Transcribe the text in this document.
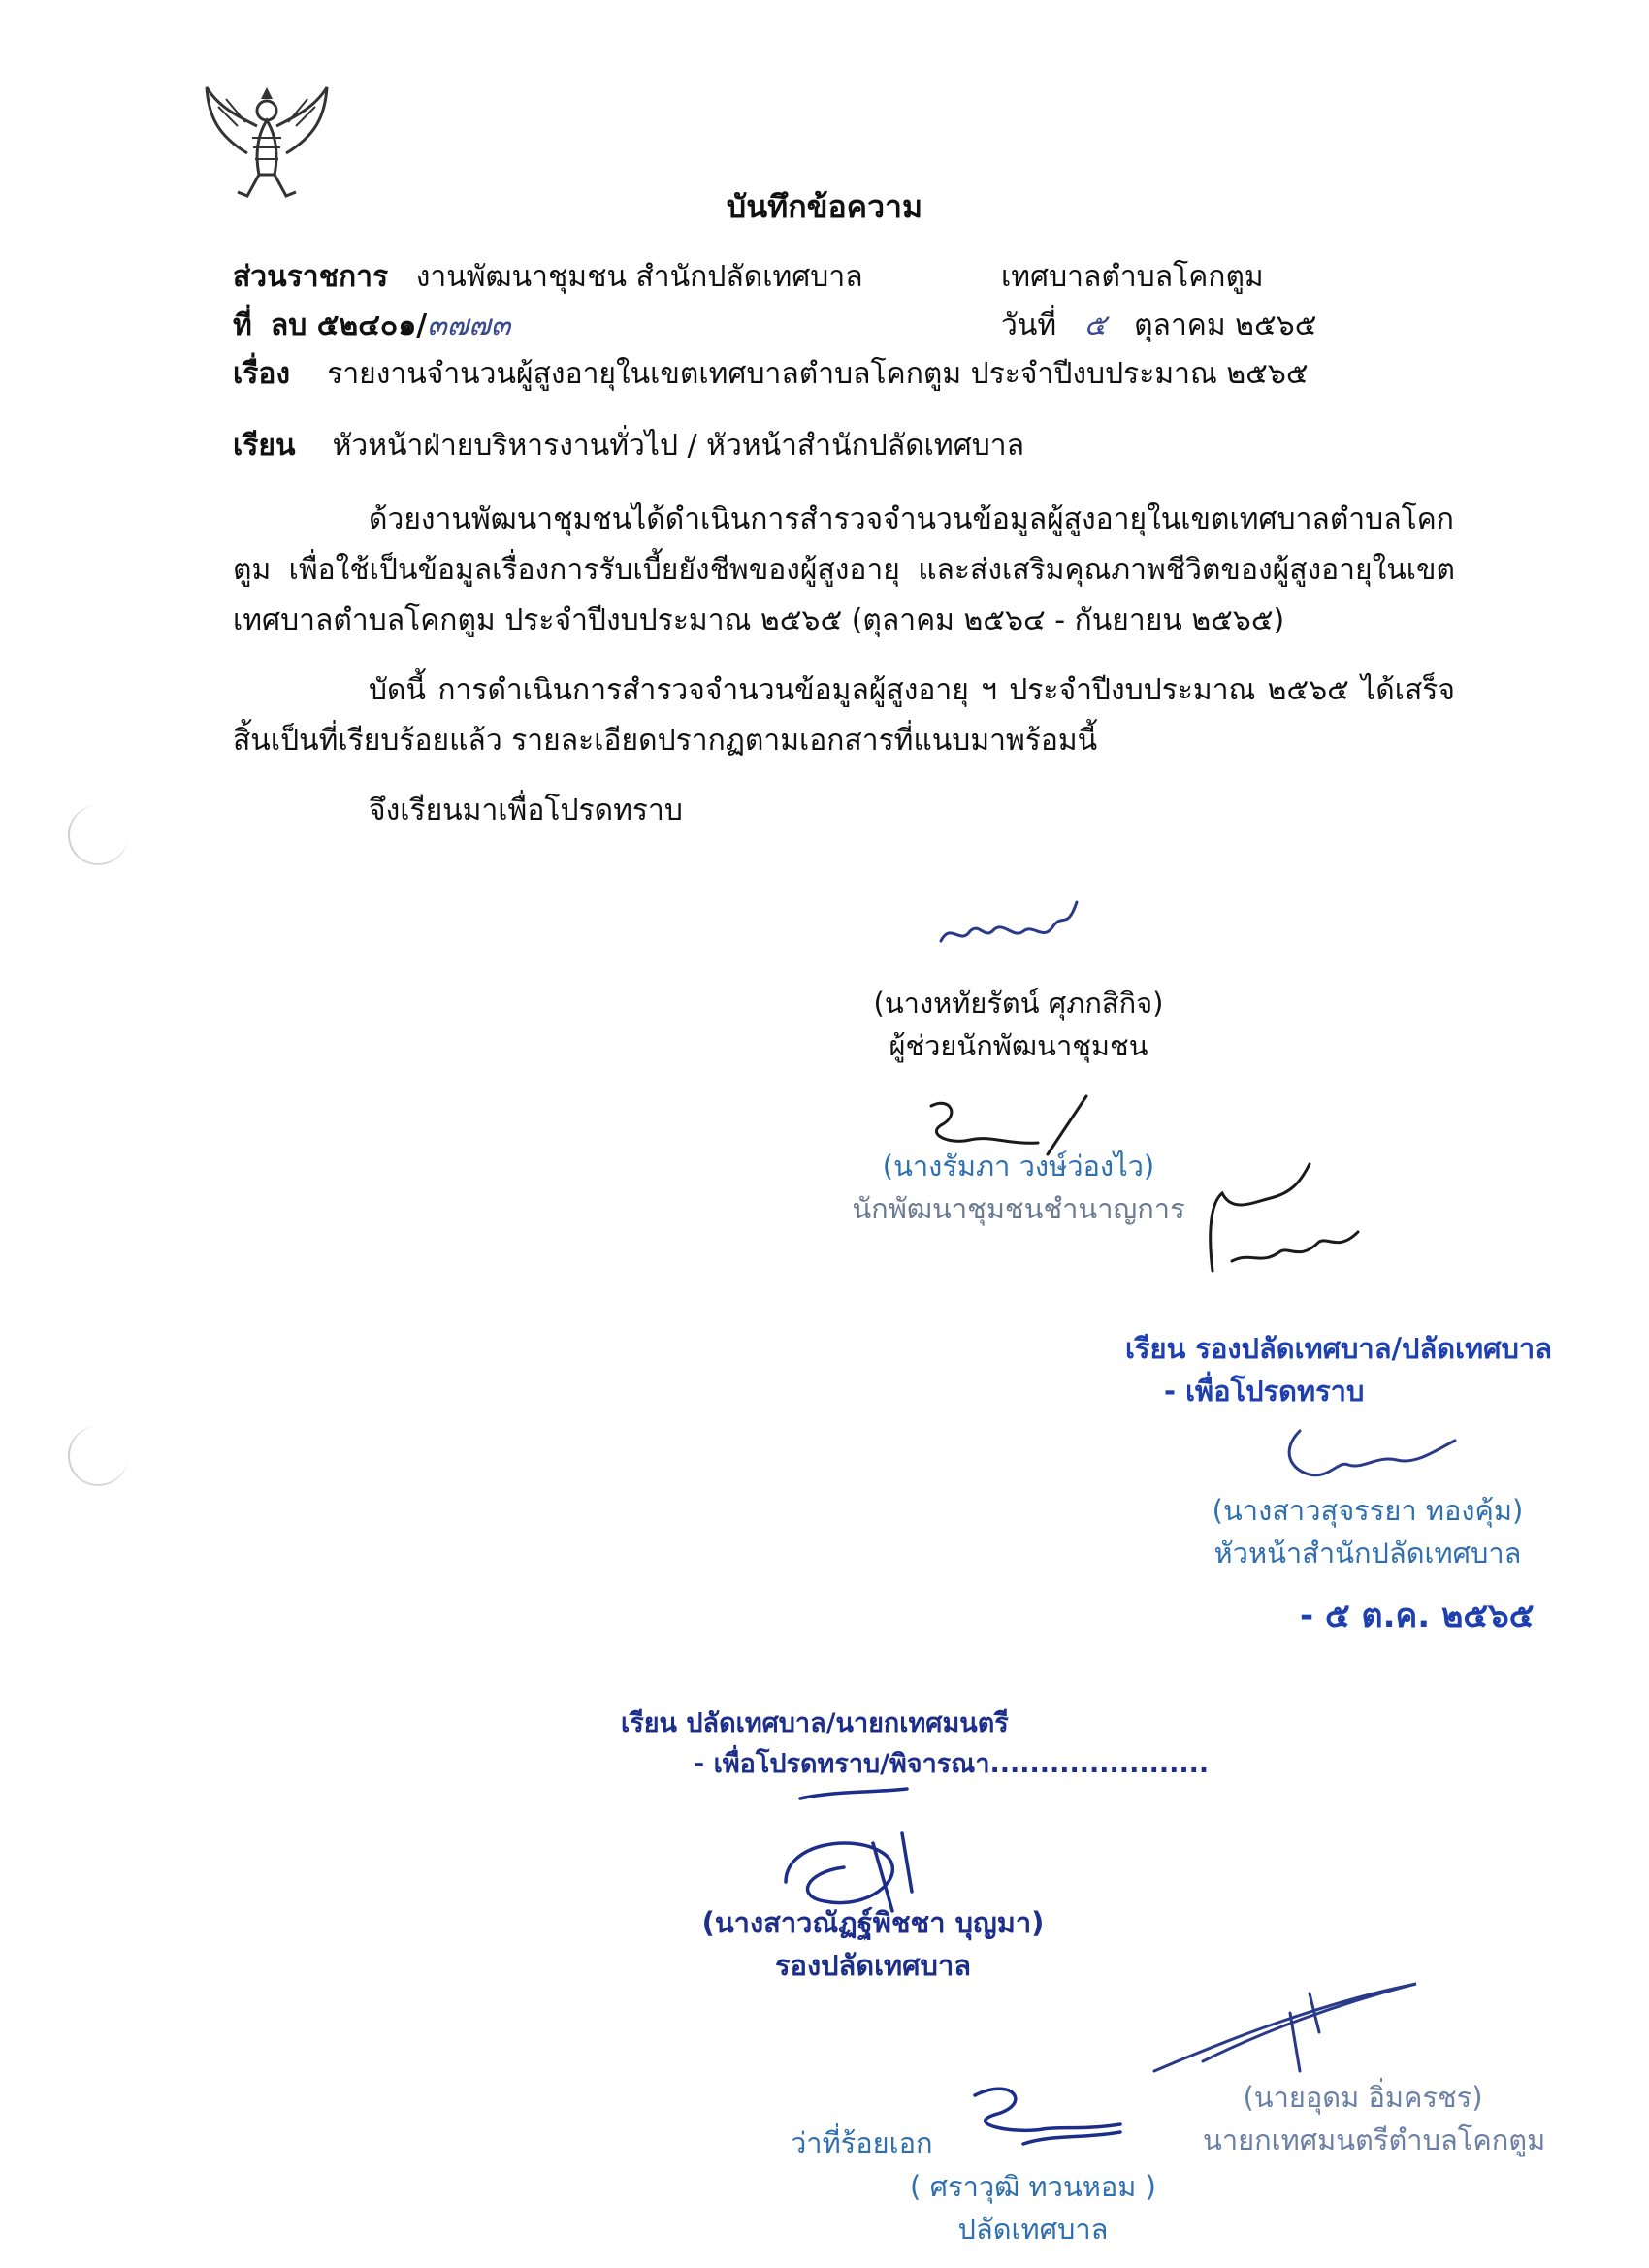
บันทึกข้อความ
ส่วนราชการ งานพัฒนาชุมชน สำนักปลัดเทศบาล	เทศบาลตำบลโคกตูม
ที่ ลบ ๕๒๔๐๑/๓๗๗๓	วันที่ ๕ ตุลาคม ๒๕๖๕
เรื่อง รายงานจำนวนผู้สูงอายุในเขตเทศบาลตำบลโคกตูม ประจำปีงบประมาณ ๒๕๖๕
เรียน หัวหน้าฝ่ายบริหารงานทั่วไป / หัวหน้าสำนักปลัดเทศบาล

ด้วยงานพัฒนาชุมชนได้ดำเนินการสำรวจจำนวนข้อมูลผู้สูงอายุในเขตเทศบาลตำบลโคกตูม เพื่อใช้เป็นข้อมูลเรื่องการรับเบี้ยยังชีพของผู้สูงอายุ และส่งเสริมคุณภาพชีวิตของผู้สูงอายุในเขตเทศบาลตำบลโคกตูม ประจำปีงบประมาณ ๒๕๖๕ (ตุลาคม ๒๕๖๔ - กันยายน ๒๕๖๕)

บัดนี้ การดำเนินการสำรวจจำนวนข้อมูลผู้สูงอายุ ฯ ประจำปีงบประมาณ ๒๕๖๕ ได้เสร็จสิ้นเป็นที่เรียบร้อยแล้ว รายละเอียดปรากฏตามเอกสารที่แนบมาพร้อมนี้

จึงเรียนมาเพื่อโปรดทราบ

(นางหทัยรัตน์ ศุภกสิกิจ)
ผู้ช่วยนักพัฒนาชุมชน
(นางรัมภา วงษ์ว่องไว)
นักพัฒนาชุมชนชำนาญการ
เรียน รองปลัดเทศบาล/ปลัดเทศบาล
- เพื่อโปรดทราบ
(นางสาวสุจรรยา ทองคุ้ม)
หัวหน้าสำนักปลัดเทศบาล
- ๕ ต.ค. ๒๕๖๕
เรียน ปลัดเทศบาล/นายกเทศมนตรี
- เพื่อโปรดทราบ/พิจารณา......................
(นางสาวณัฏฐ์พิชชา บุญมา)
รองปลัดเทศบาล
(นายอุดม อิ่มครชร)
นายกเทศมนตรีตำบลโคกตูม
ว่าที่ร้อยเอก
( ศราวุฒิ ทวนหอม )
ปลัดเทศบาล
